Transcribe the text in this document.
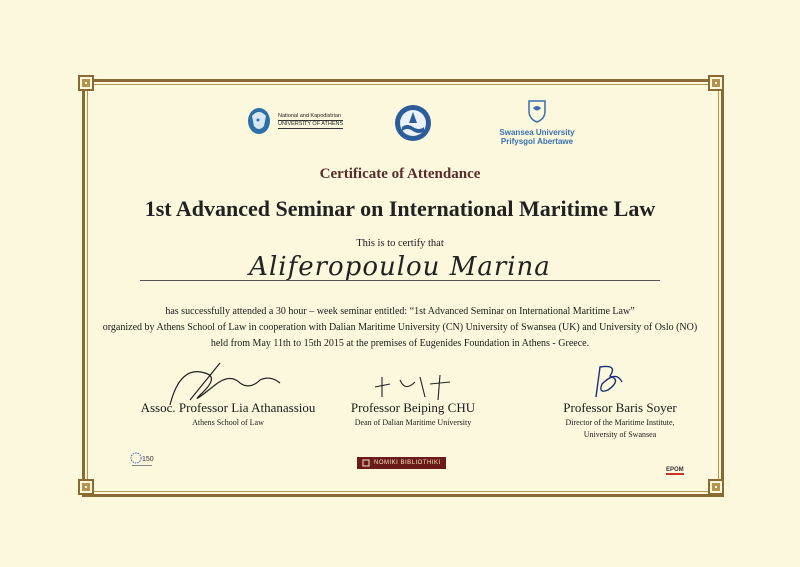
National and Kapodistrian
UNIVERSITY OF ATHENS
Swansea University
Prifysgol Abertawe
Certificate of Attendance
1st Advanced Seminar on International Maritime Law
This is to certify that
Aliferopoulou Marina
has successfully attended a 30 hour – week seminar entitled: “1st Advanced Seminar on International Maritime Law”
organized by Athens School of Law in cooperation with Dalian Maritime University (CN) University of Swansea (UK) and University of Oslo (NO)
held from May 11th to 15th 2015 at the premises of Eugenides Foundation in Athens - Greece.
Assoc. Professor Lia Athanassiou
Athens School of Law
Professor Beiping CHU
Dean of Dalian Maritime University
Professor Baris Soyer
Director of the Maritime Institute,
University of Swansea
150	NOMIKI BIBLIOTHIKI
EPOM
